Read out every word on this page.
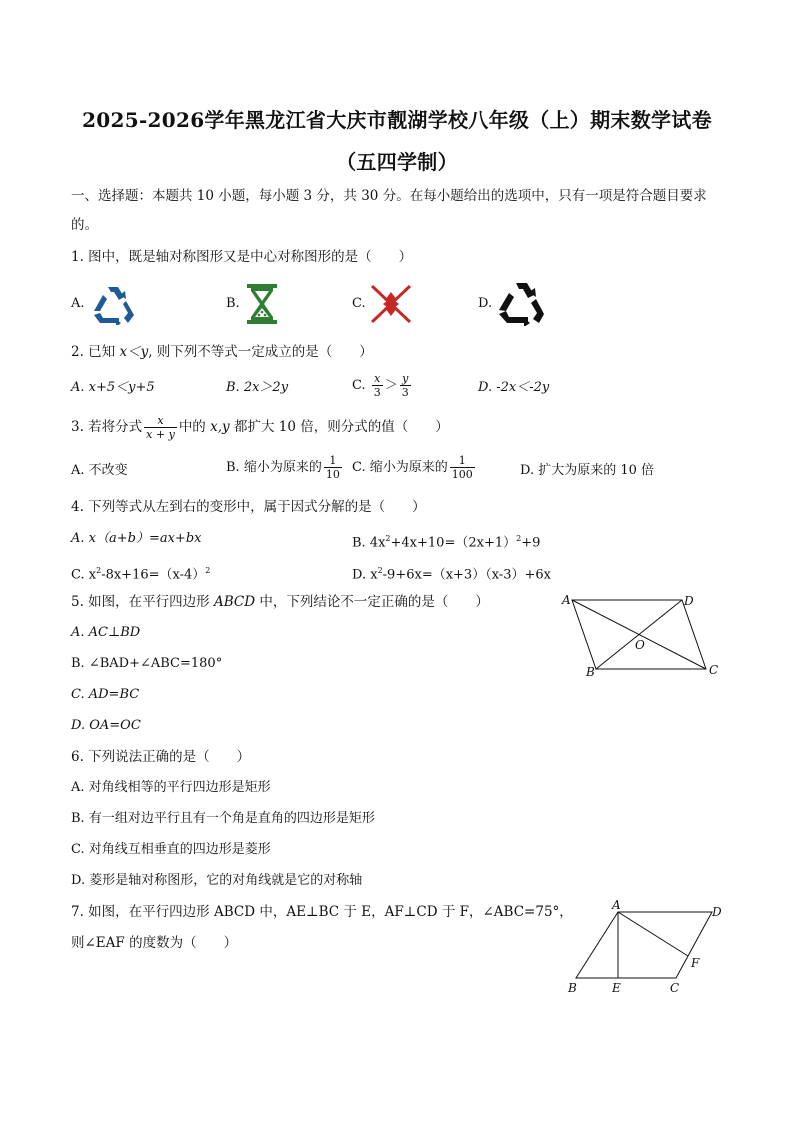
2025-2026学年黑龙江省大庆市靓湖学校八年级（上）期末数学试卷
（五四学制）
一、选择题：本题共 10 小题，每小题 3 分，共 30 分。在每小题给出的选项中，只有一项是符合题目要求
的。
1. 图中，既是轴对称图形又是中心对称图形的是（　　）
A.	B.	C.	D.
2. 已知 x＜y, 则下列不等式一定成立的是（　　）
A. x+5＜y+5	B. 2x＞2y	C. $\frac{x}{3} > \frac{y}{3}$	D. -2x＜-2y
3. 若将分式 $\frac{x}{x + y}$ 中的 x,y 都扩大 10 倍，则分式的值（　　）
A. 不改变	B. 缩小为原来的 $\frac{1}{10} C$. 缩小为原来的 $\frac{1}{100}$	D. 扩大为原来的 10 倍
4. 下列等式从左到右的变形中，属于因式分解的是（　　）
A. x（a+b）=ax+bx	B. $4x^2+4x+10=(2x+1)^2+9$
C. $x^2-8x+16=(x-4)^2$	D. $x^2-9+6x=(x+3)(x-3)+6x$
5. 如图，在平行四边形 ABCD 中，下列结论不一定正确的是（　　）
A. AC⊥BD
B. ∠BAD+∠ABC=180°
C. AD=BC
D. OA=OC
A	D
B	C
O
6. 下列说法正确的是（　　）
A. 对角线相等的平行四边形是矩形
B. 有一组对边平行且有一个角是直角的四边形是矩形
C. 对角线互相垂直的四边形是菱形
D. 菱形是轴对称图形，它的对角线就是它的对称轴
7. 如图，在平行四边形 ABCD 中，AE⊥BC 于 E，AF⊥CD 于 F，∠ABC=75°，
则∠EAF 的度数为（　　）
A	D
B	E	C
F
